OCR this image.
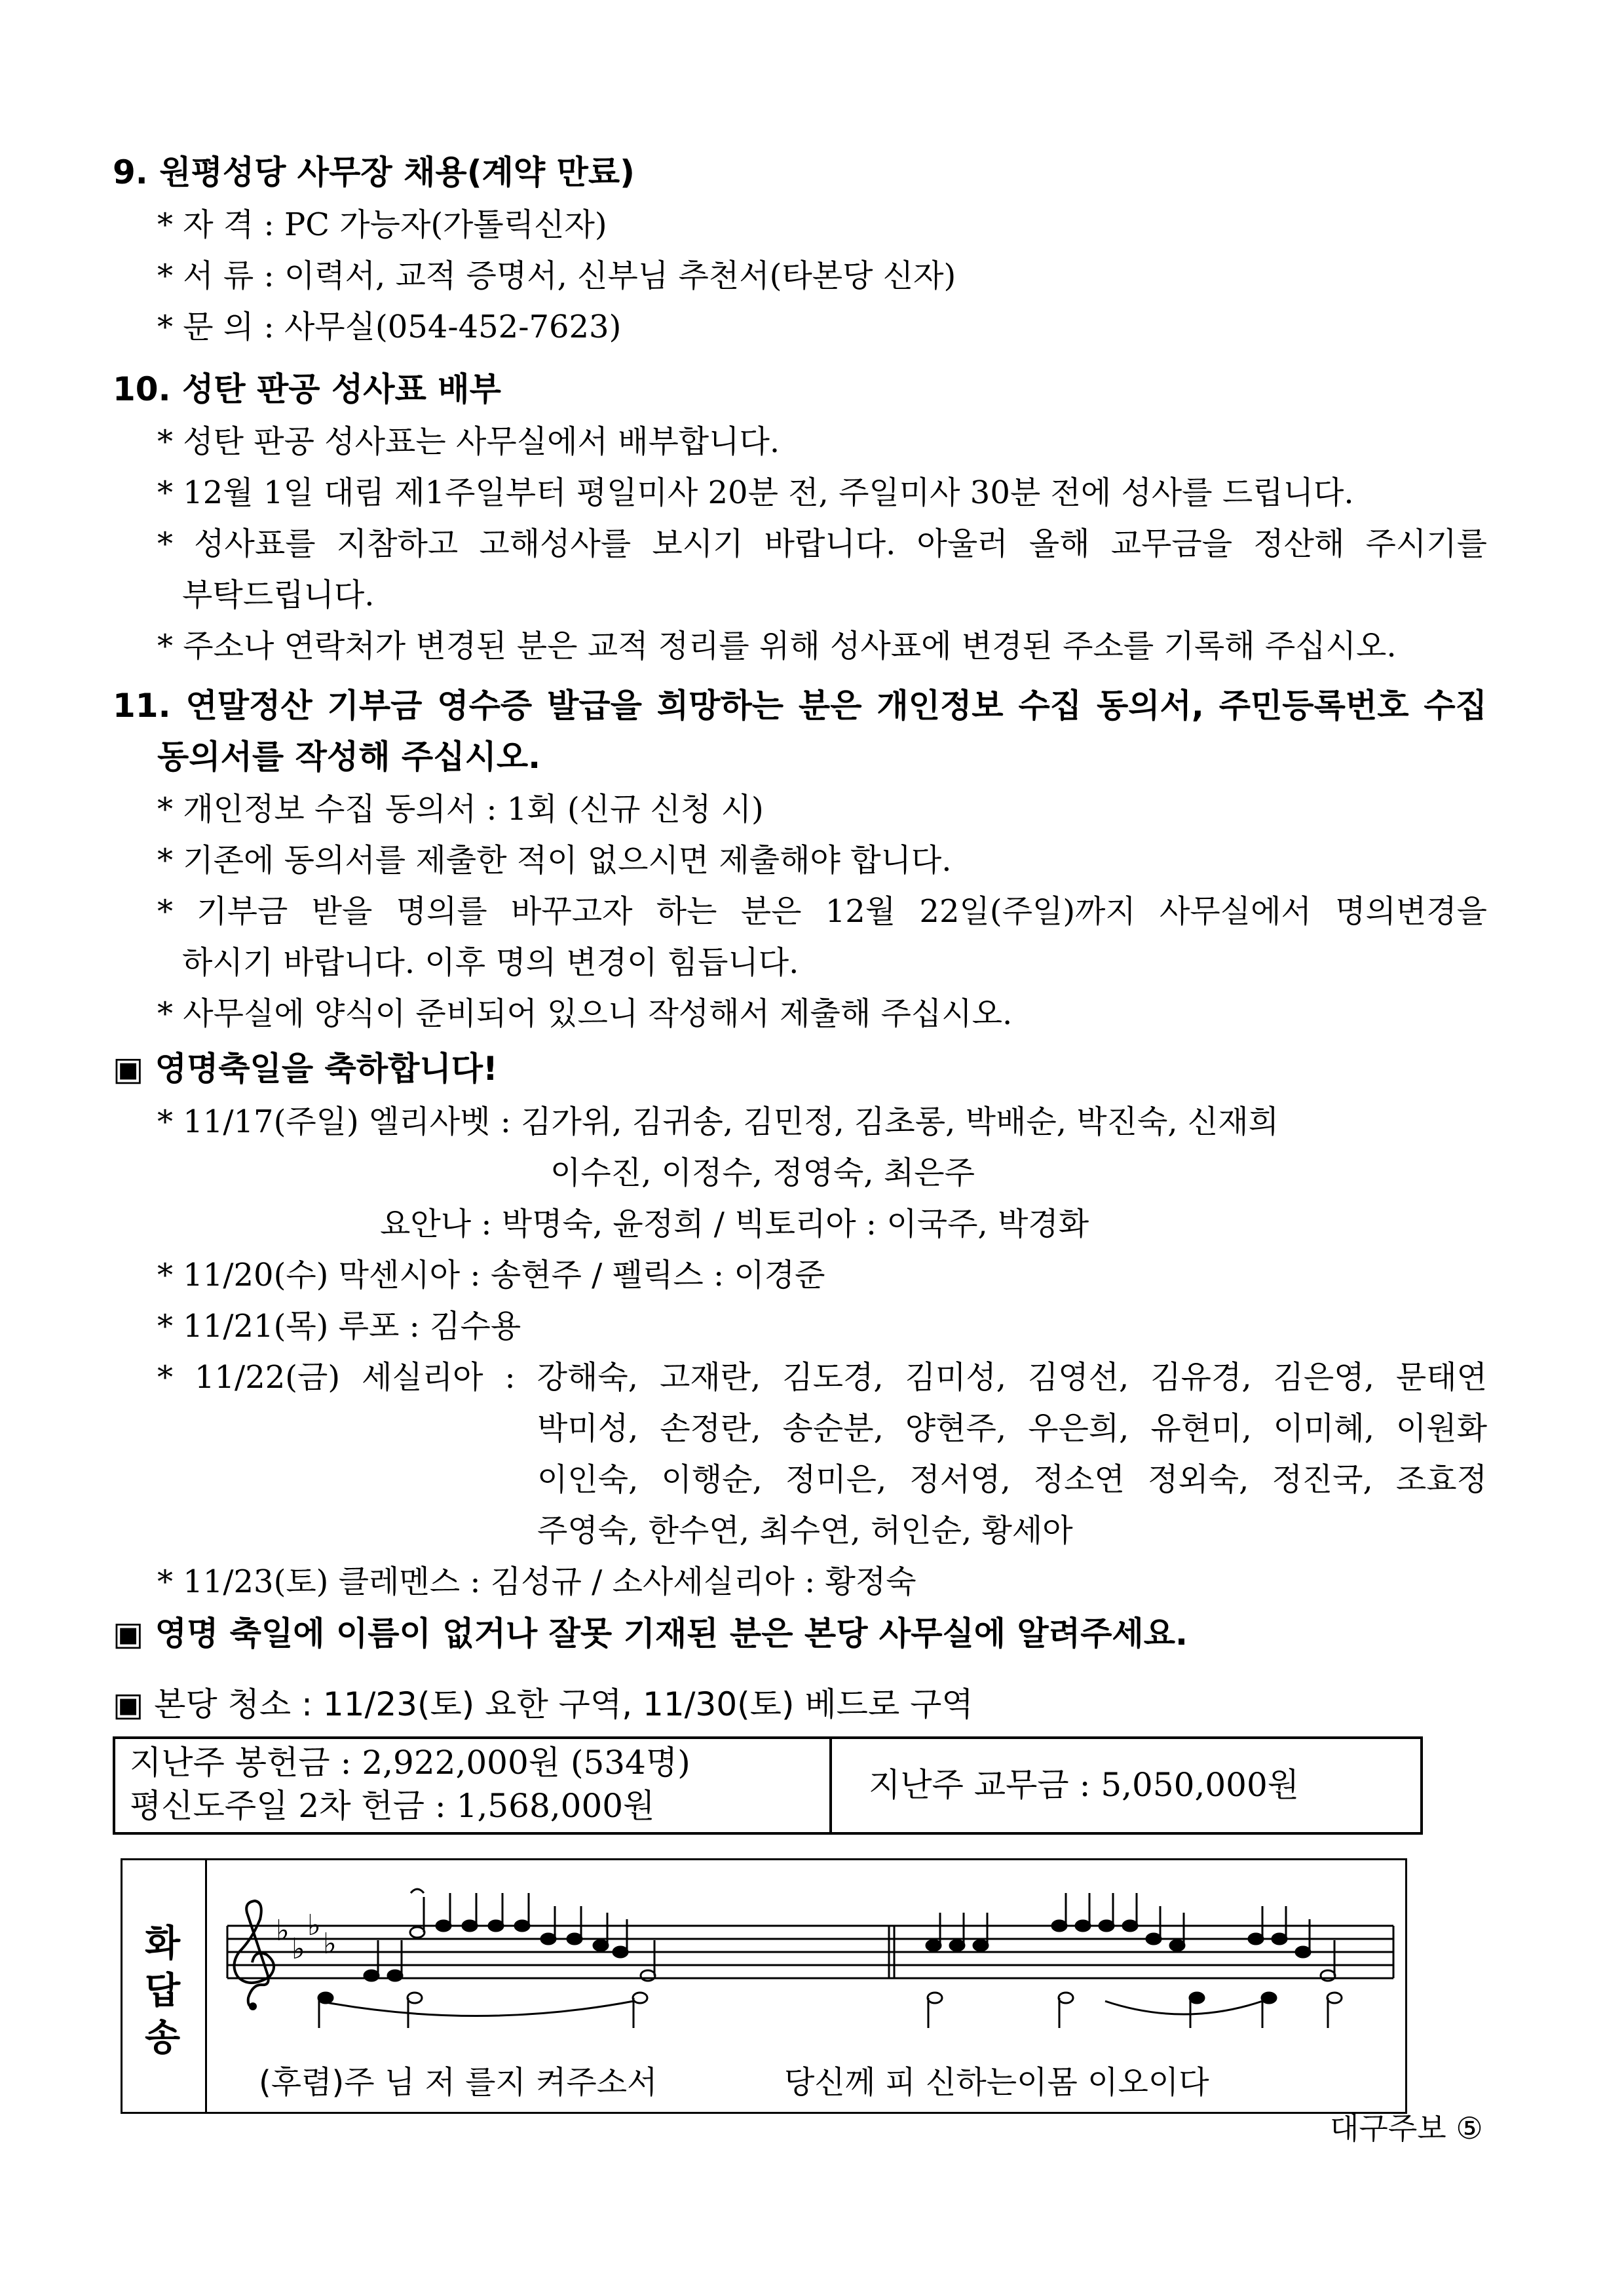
9. 원평성당 사무장 채용(계약 만료)
* 자 격 : PC 가능자(가톨릭신자)
* 서 류 : 이력서, 교적 증명서, 신부님 추천서(타본당 신자)
* 문 의 : 사무실(054-452-7623)
10. 성탄 판공 성사표 배부
* 성탄 판공 성사표는 사무실에서 배부합니다.
* 12월 1일 대림 제1주일부터 평일미사 20분 전, 주일미사 30분 전에 성사를 드립니다.
* 성사표를 지참하고 고해성사를 보시기 바랍니다. 아울러 올해 교무금을 정산해 주시기를
부탁드립니다.
* 주소나 연락처가 변경된 분은 교적 정리를 위해 성사표에 변경된 주소를 기록해 주십시오.
11. 연말정산 기부금 영수증 발급을 희망하는 분은 개인정보 수집 동의서, 주민등록번호 수집
동의서를 작성해 주십시오.
* 개인정보 수집 동의서 : 1회 (신규 신청 시)
* 기존에 동의서를 제출한 적이 없으시면 제출해야 합니다.
* 기부금 받을 명의를 바꾸고자 하는 분은 12월 22일(주일)까지 사무실에서 명의변경을
하시기 바랍니다. 이후 명의 변경이 힘듭니다.
* 사무실에 양식이 준비되어 있으니 작성해서 제출해 주십시오.
▣ 영명축일을 축하합니다!
* 11/17(주일) 엘리사벳 : 김가위, 김귀송, 김민정, 김초롱, 박배순, 박진숙, 신재희
이수진, 이정수, 정영숙, 최은주
요안나 : 박명숙, 윤정희 / 빅토리아 : 이국주, 박경화
* 11/20(수) 막센시아 : 송현주 / 펠릭스 : 이경준
* 11/21(목) 루포 : 김수용
* 11/22(금) 세실리아 : 강해숙, 고재란, 김도경, 김미성, 김영선, 김유경, 김은영, 문태연
박미성, 손정란, 송순분, 양현주, 우은희, 유현미, 이미혜, 이원화
이인숙, 이행순, 정미은, 정서영, 정소연 정외숙, 정진국, 조효정
주영숙, 한수연, 최수연, 허인순, 황세아
* 11/23(토) 클레멘스 : 김성규 / 소사세실리아 : 황정숙
▣ 영명 축일에 이름이 없거나 잘못 기재된 분은 본당 사무실에 알려주세요.
▣ 본당 청소 : 11/23(토) 요한 구역, 11/30(토) 베드로 구역
지난주 봉헌금 : 2,922,000원 (534명)
평신도주일 2차 헌금 : 1,568,000원
지난주 교무금 : 5,050,000원
화
답
송
♭
♭
♭
♭
(후렴)주 님 저 를지 켜주소서	당신께 피 신하는이몸 이오이다
대구주보 ⑤
